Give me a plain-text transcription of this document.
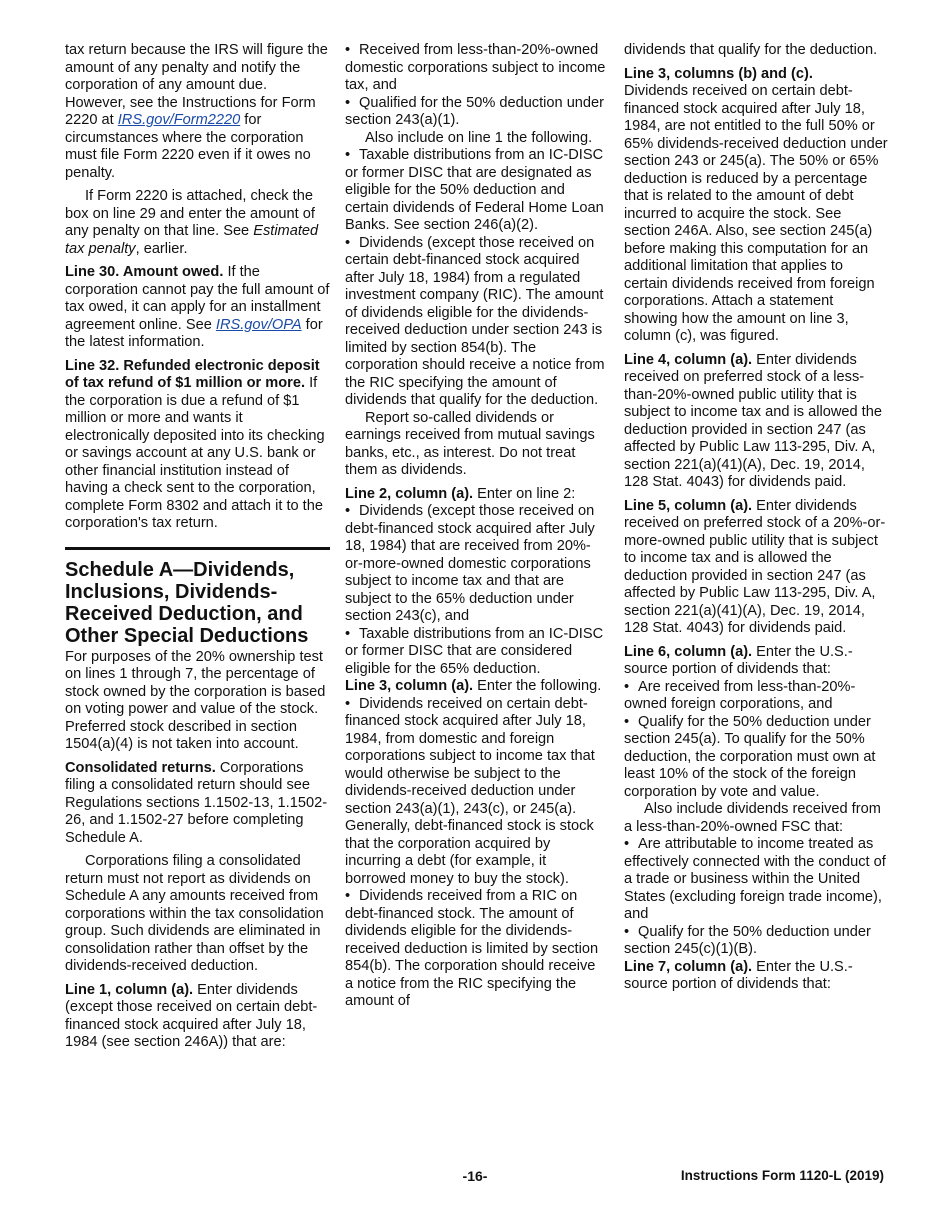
tax return because the IRS will figure the amount of any penalty and notify the corporation of any amount due. However, see the Instructions for Form 2220 at IRS.gov/Form2220 for circumstances where the corporation must file Form 2220 even if it owes no penalty.

If Form 2220 is attached, check the box on line 29 and enter the amount of any penalty on that line. See Estimated tax penalty, earlier.

Line 30. Amount owed. If the corporation cannot pay the full amount of tax owed, it can apply for an installment agreement online. See IRS.gov/OPA for the latest information.

Line 32. Refunded electronic deposit of tax refund of $1 million or more. If the corporation is due a refund of $1 million or more and wants it electronically deposited into its checking or savings account at any U.S. bank or other financial institution instead of having a check sent to the corporation, complete Form 8302 and attach it to the corporation's tax return.

Schedule A—Dividends, Inclusions, Dividends-Received Deduction, and Other Special Deductions

For purposes of the 20% ownership test on lines 1 through 7, the percentage of stock owned by the corporation is based on voting power and value of the stock. Preferred stock described in section 1504(a)(4) is not taken into account.

Consolidated returns. Corporations filing a consolidated return should see Regulations sections 1.1502-13, 1.1502-26, and 1.1502-27 before completing Schedule A.

Corporations filing a consolidated return must not report as dividends on Schedule A any amounts received from corporations within the tax consolidation group. Such dividends are eliminated in consolidation rather than offset by the dividends-received deduction.

Line 1, column (a). Enter dividends (except those received on certain debt-financed stock acquired after July 18, 1984 (see section 246A)) that are:

• Received from less-than-20%-owned domestic corporations subject to income tax, and

• Qualified for the 50% deduction under section 243(a)(1).

Also include on line 1 the following.

• Taxable distributions from an IC-DISC or former DISC that are designated as eligible for the 50% deduction and certain dividends of Federal Home Loan Banks. See section 246(a)(2).

• Dividends (except those received on certain debt-financed stock acquired after July 18, 1984) from a regulated investment company (RIC). The amount of dividends eligible for the dividends-received deduction under section 243 is limited by section 854(b). The corporation should receive a notice from the RIC specifying the amount of dividends that qualify for the deduction.

Report so-called dividends or earnings received from mutual savings banks, etc., as interest. Do not treat them as dividends.

Line 2, column (a). Enter on line 2:

• Dividends (except those received on debt-financed stock acquired after July 18, 1984) that are received from 20%-or-more-owned domestic corporations subject to income tax and that are subject to the 65% deduction under section 243(c), and

• Taxable distributions from an IC-DISC or former DISC that are considered eligible for the 65% deduction.

Line 3, column (a). Enter the following.

• Dividends received on certain debt-financed stock acquired after July 18, 1984, from domestic and foreign corporations subject to income tax that would otherwise be subject to the dividends-received deduction under section 243(a)(1), 243(c), or 245(a). Generally, debt-financed stock is stock that the corporation acquired by incurring a debt (for example, it borrowed money to buy the stock).

• Dividends received from a RIC on debt-financed stock. The amount of dividends eligible for the dividends-received deduction is limited by section 854(b). The corporation should receive a notice from the RIC specifying the amount of

dividends that qualify for the deduction.

Line 3, columns (b) and (c).
Dividends received on certain debt-financed stock acquired after July 18, 1984, are not entitled to the full 50% or 65% dividends-received deduction under section 243 or 245(a). The 50% or 65% deduction is reduced by a percentage that is related to the amount of debt incurred to acquire the stock. See section 246A. Also, see section 245(a) before making this computation for an additional limitation that applies to certain dividends received from foreign corporations. Attach a statement showing how the amount on line 3, column (c), was figured.

Line 4, column (a). Enter dividends received on preferred stock of a less-than-20%-owned public utility that is subject to income tax and is allowed the deduction provided in section 247 (as affected by Public Law 113-295, Div. A, section 221(a)(41)(A), Dec. 19, 2014, 128 Stat. 4043) for dividends paid.

Line 5, column (a). Enter dividends received on preferred stock of a 20%-or-more-owned public utility that is subject to income tax and is allowed the deduction provided in section 247 (as affected by Public Law 113-295, Div. A, section 221(a)(41)(A), Dec. 19, 2014, 128 Stat. 4043) for dividends paid.

Line 6, column (a). Enter the U.S.-source portion of dividends that:

• Are received from less-than-20%-owned foreign corporations, and

• Qualify for the 50% deduction under section 245(a). To qualify for the 50% deduction, the corporation must own at least 10% of the stock of the foreign corporation by vote and value.

Also include dividends received from a less-than-20%-owned FSC that:

• Are attributable to income treated as effectively connected with the conduct of a trade or business within the United States (excluding foreign trade income), and

• Qualify for the 50% deduction under section 245(c)(1)(B).

Line 7, column (a). Enter the U.S.-source portion of dividends that:

-16-	Instructions Form 1120-L (2019)
